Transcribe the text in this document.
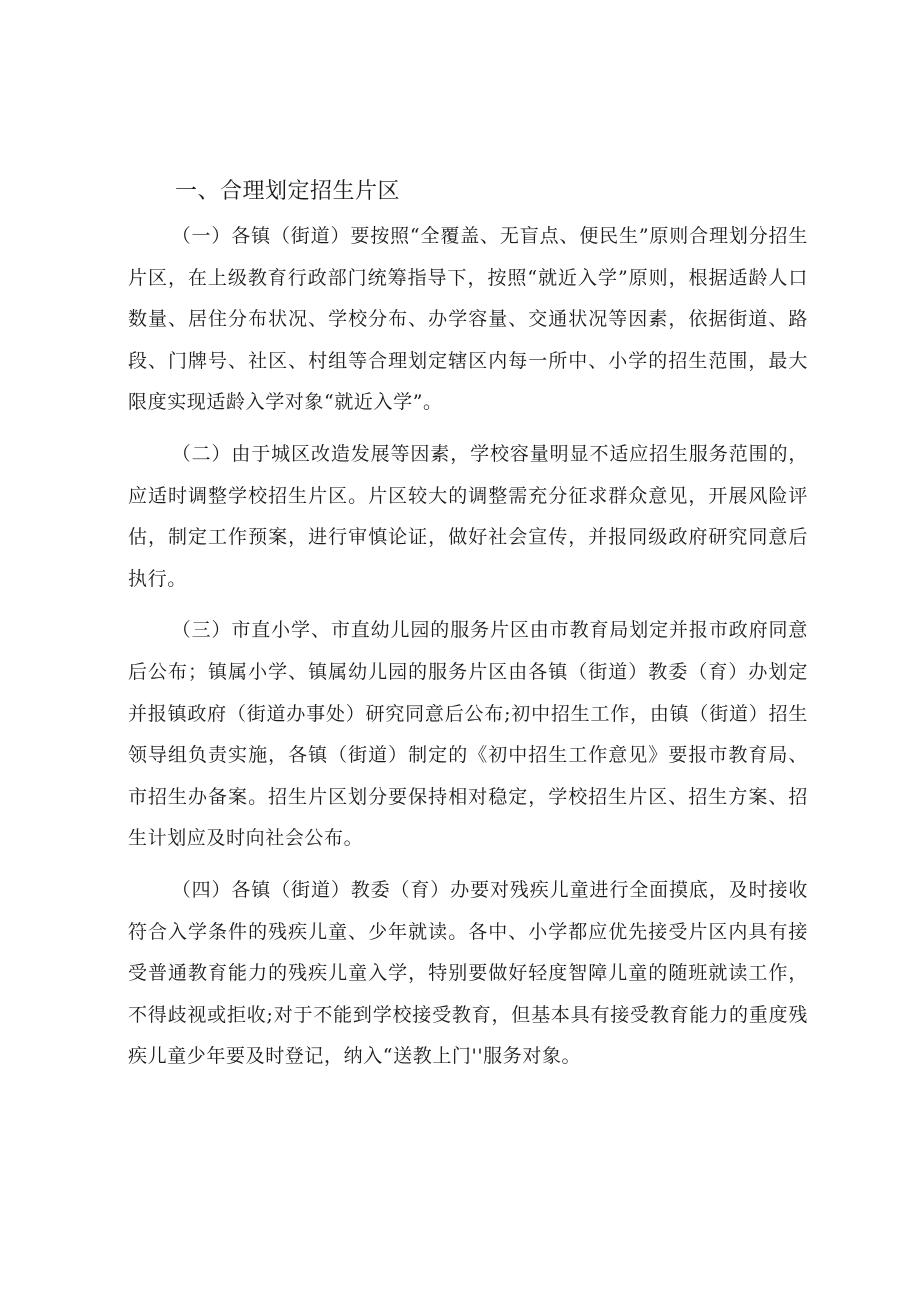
一、合理划定招生片区

（一）各镇（街道）要按照“全覆盖、无盲点、便民生”原则合理划分招生片区，在上级教育行政部门统筹指导下，按照“就近入学”原则，根据适龄人口数量、居住分布状况、学校分布、办学容量、交通状况等因素，依据街道、路段、门牌号、社区、村组等合理划定辖区内每一所中、小学的招生范围，最大限度实现适龄入学对象“就近入学”。

（二）由于城区改造发展等因素，学校容量明显不适应招生服务范围的，应适时调整学校招生片区。片区较大的调整需充分征求群众意见，开展风险评估，制定工作预案，进行审慎论证，做好社会宣传，并报同级政府研究同意后执行。

（三）市直小学、市直幼儿园的服务片区由市教育局划定并报市政府同意后公布；镇属小学、镇属幼儿园的服务片区由各镇（街道）教委（育）办划定并报镇政府（街道办事处）研究同意后公布;初中招生工作，由镇（街道）招生领导组负责实施，各镇（街道）制定的《初中招生工作意见》要报市教育局、市招生办备案。招生片区划分要保持相对稳定，学校招生片区、招生方案、招生计划应及时向社会公布。

（四）各镇（街道）教委（育）办要对残疾儿童进行全面摸底，及时接收符合入学条件的残疾儿童、少年就读。各中、小学都应优先接受片区内具有接受普通教育能力的残疾儿童入学，特别要做好轻度智障儿童的随班就读工作，不得歧视或拒收;对于不能到学校接受教育，但基本具有接受教育能力的重度残疾儿童少年要及时登记，纳入“送教上门''服务对象。
